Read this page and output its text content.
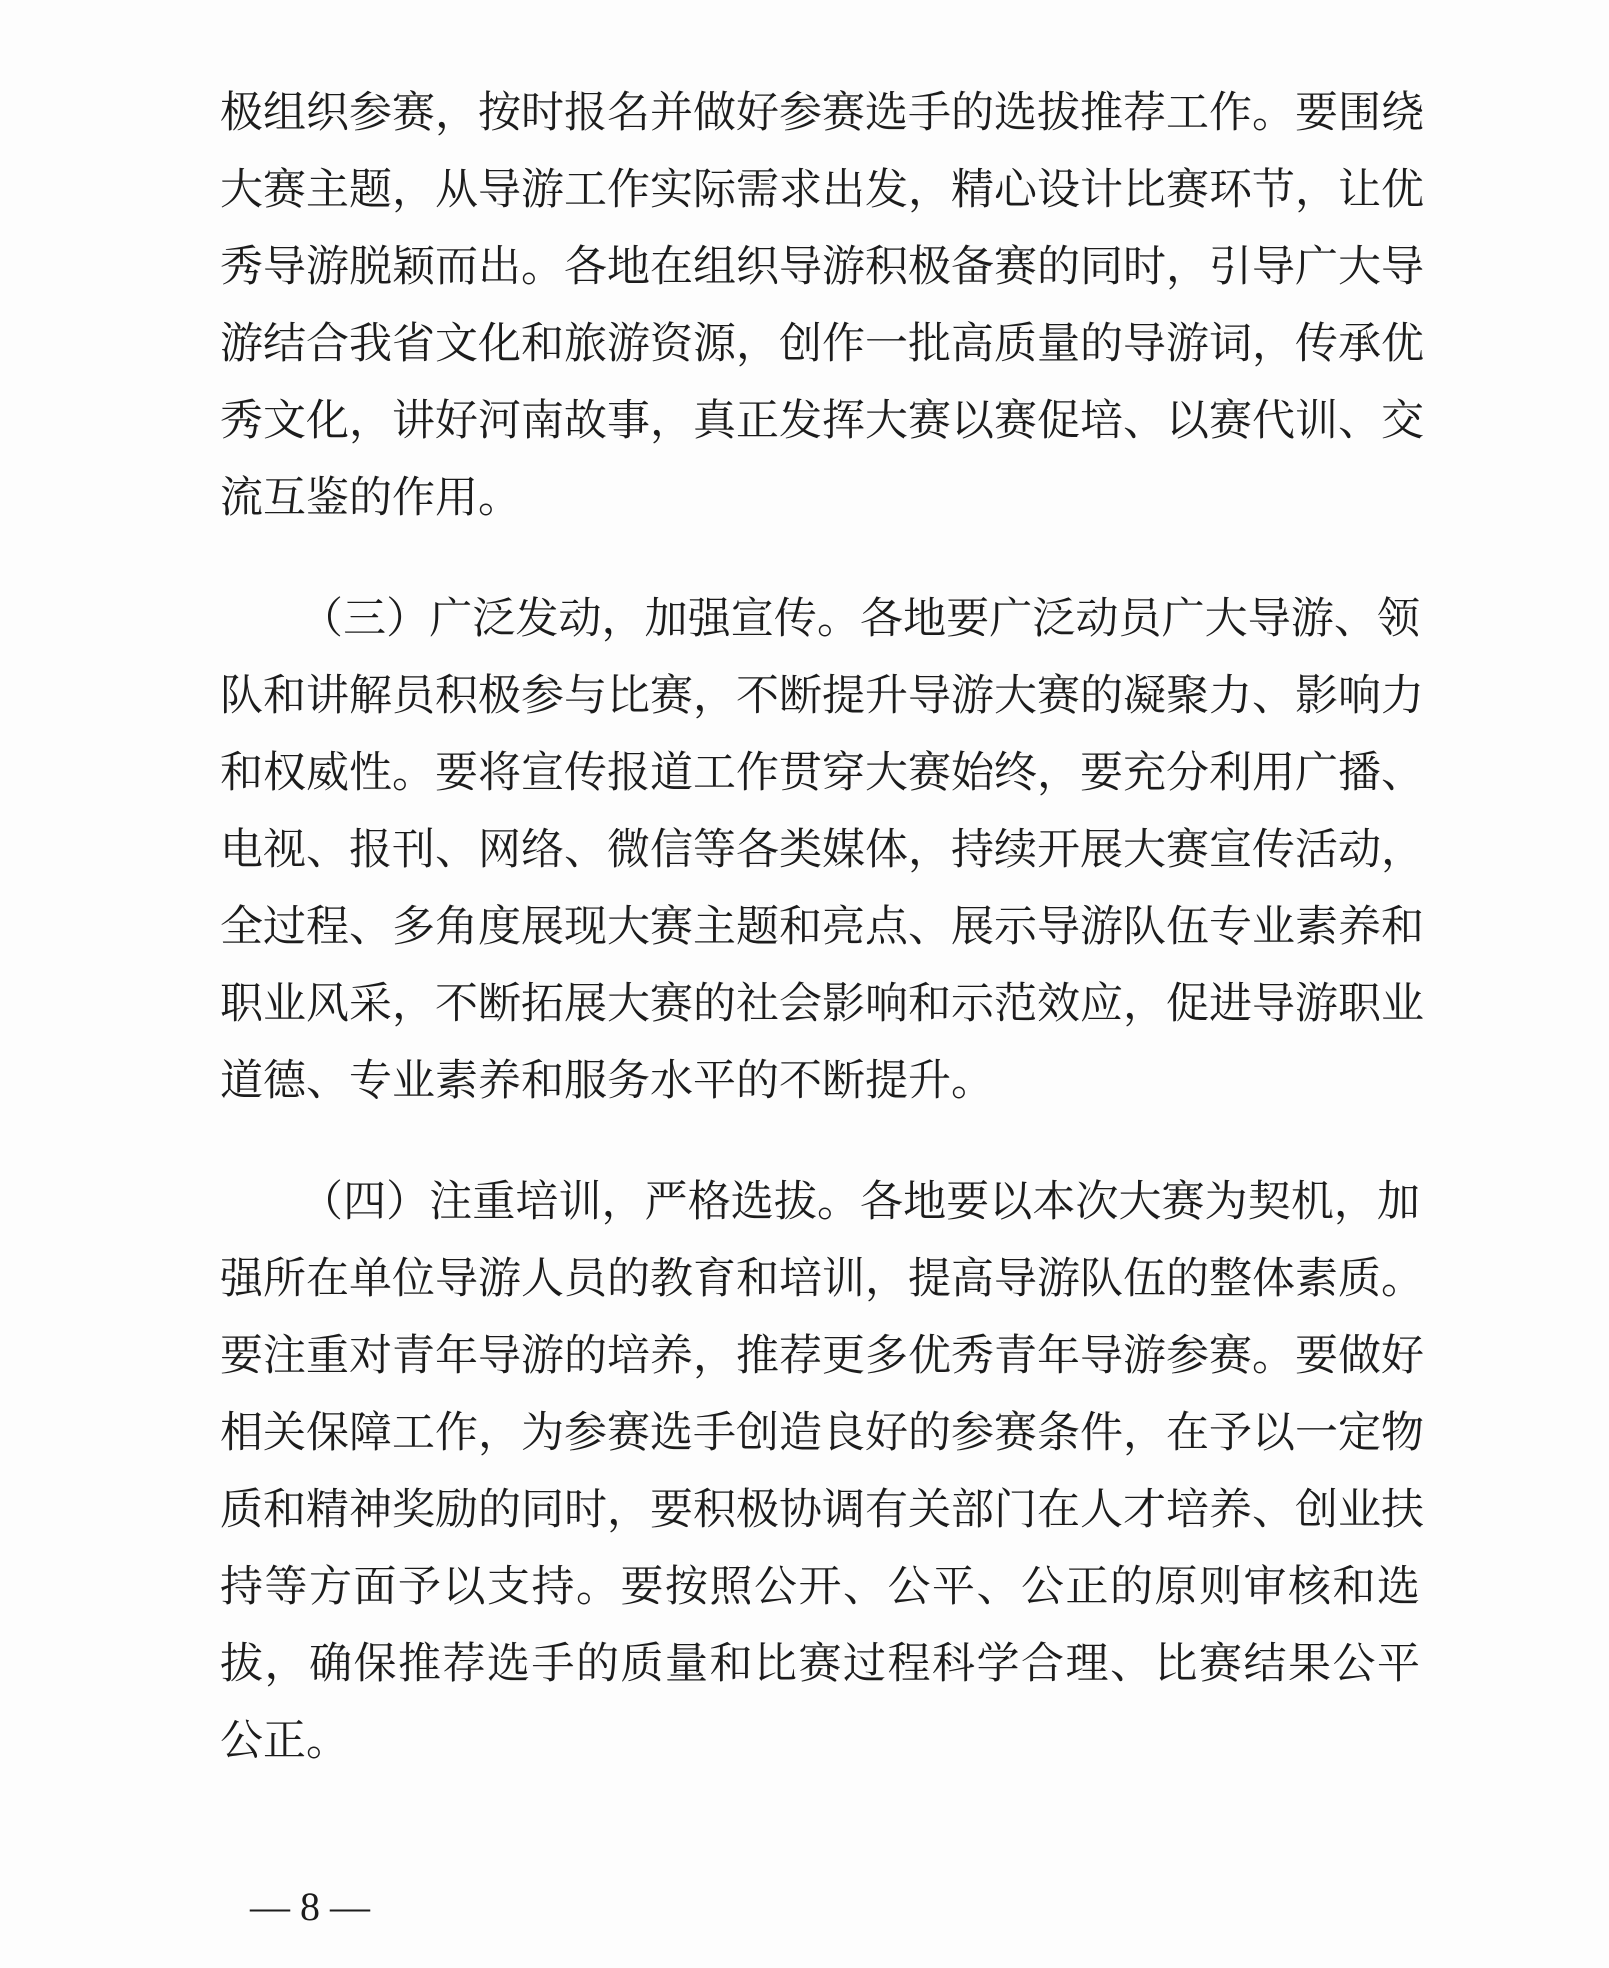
极组织参赛，按时报名并做好参赛选手的选拔推荐工作。要围绕
大赛主题，从导游工作实际需求出发，精心设计比赛环节，让优
秀导游脱颖而出。各地在组织导游积极备赛的同时，引导广大导
游结合我省文化和旅游资源，创作一批高质量的导游词，传承优
秀文化，讲好河南故事，真正发挥大赛以赛促培、以赛代训、交
流互鉴的作用。
（三）广泛发动，加强宣传。各地要广泛动员广大导游、领
队和讲解员积极参与比赛，不断提升导游大赛的凝聚力、影响力
和权威性。要将宣传报道工作贯穿大赛始终，要充分利用广播、
电视、报刊、网络、微信等各类媒体，持续开展大赛宣传活动，
全过程、多角度展现大赛主题和亮点、展示导游队伍专业素养和
职业风采，不断拓展大赛的社会影响和示范效应，促进导游职业
道德、专业素养和服务水平的不断提升。
（四）注重培训，严格选拔。各地要以本次大赛为契机，加
强所在单位导游人员的教育和培训，提高导游队伍的整体素质。
要注重对青年导游的培养，推荐更多优秀青年导游参赛。要做好
相关保障工作，为参赛选手创造良好的参赛条件，在予以一定物
质和精神奖励的同时，要积极协调有关部门在人才培养、创业扶
持等方面予以支持。要按照公开、公平、公正的原则审核和选
拔，确保推荐选手的质量和比赛过程科学合理、比赛结果公平
公正。
— 8 —
